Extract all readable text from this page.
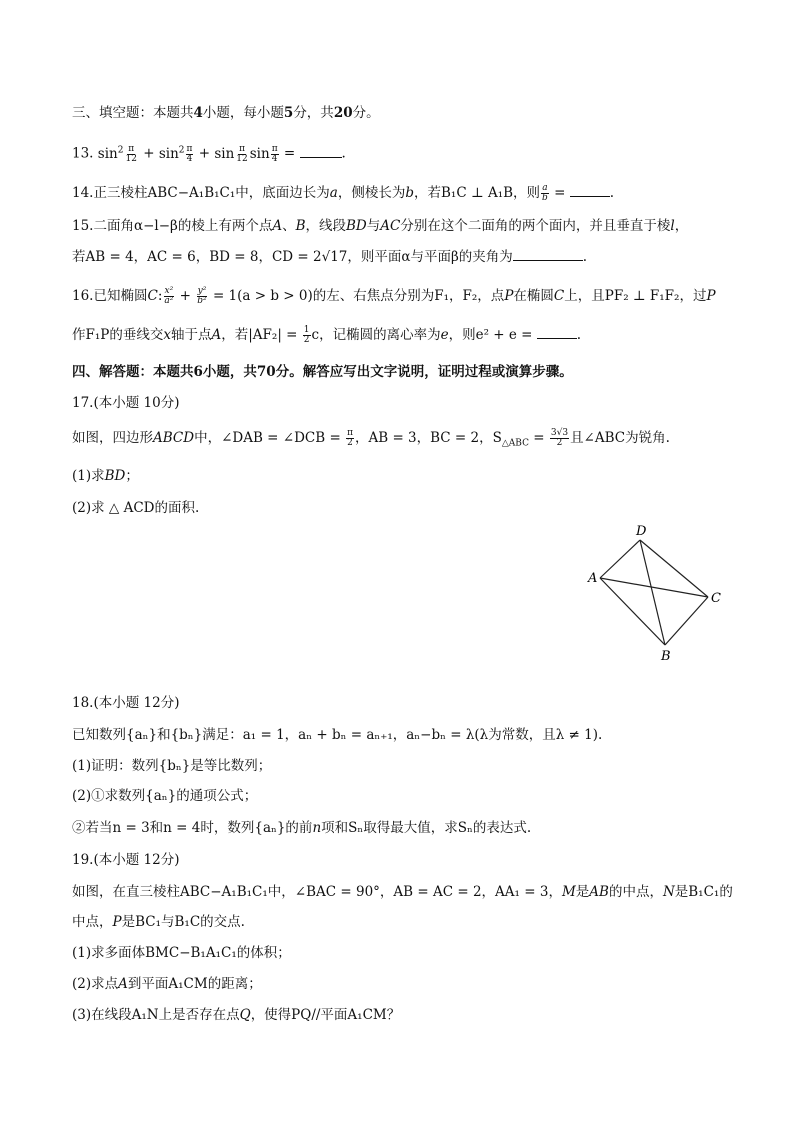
三、填空题：本题共4小题，每小题5分，共20分。
13. $\sin^2 \frac{\pi}{12} + \sin^2 \frac{\pi}{4} + \sin \frac{\pi}{12}$ $\sin \frac{\pi}{4}$ =	.
14.正三棱柱ABC−A₁B₁C₁中，底面边长为a，侧棱长为b，若B₁C ⊥ A₁B，则 $\frac{a}{b}$ =	.
15.二面角α−l−β的棱上有两个点A、B，线段BD与AC分别在这个二面角的两个面内，并且垂直于棱l，
若AB = 4，AC = 6，BD = 8，CD = 2√17，则平面α与平面β的夹角为	.
16.已知椭圆C: $\frac{\text{x²}}{\text{a²}} + \frac{\text{y²}}{\text{b²}} = 1(a > b > 0)$的左、右焦点分别为F₁，F₂，点P在椭圆C上，且PF₂ ⊥ F₁F₂，过P
作F₁P的垂线交x轴于点A，若$|AF_2| = \frac{1}{2}$ c，记椭圆的离心率为e，则e² + e =	.
四、解答题：本题共6小题，共70分。解答应写出文字说明，证明过程或演算步骤。
17.(本小题 10分)
如图，四边形ABCD中，∠DAB = ∠DCB = $\frac{\pi}{2}$ ，AB = 3，BC = 2，$S_{\triangle ABC} = \frac{3√3}{2}$ 且∠ABC为锐角.
(1)求BD；
(2)求 △ ACD的面积.
D
A
C
B
18.(本小题 12分)
已知数列{aₙ}和{bₙ}满足：a₁ = 1，aₙ + bₙ = aₙ₊₁，aₙ−bₙ = λ(λ为常数，且λ ≠ 1).
(1)证明：数列{bₙ}是等比数列；
(2)①求数列{aₙ}的通项公式；
②若当n = 3和n = 4时，数列{aₙ}的前n项和Sₙ取得最大值，求Sₙ的表达式.
19.(本小题 12分)
如图，在直三棱柱ABC−A₁B₁C₁中，∠BAC = 90°，AB = AC = 2，AA₁ = 3，M是AB的中点，N是B₁C₁的
中点，P是BC₁与B₁C的交点.
(1)求多面体BMC−B₁A₁C₁的体积；
(2)求点A到平面A₁CM的距离；
(3)在线段A₁N上是否存在点Q，使得PQ//平面A₁CM？
